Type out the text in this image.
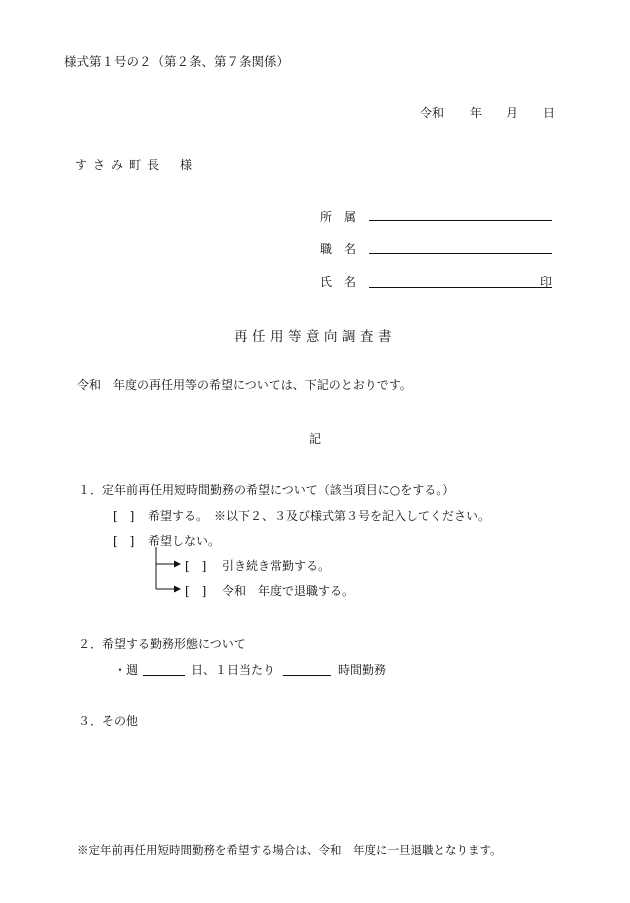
様式第１号の２（第２条、第７条関係）
令和 年 月 日
すさみ町長 様
所　属
職　名
氏　名	印
再任用等意向調査書
令和　年度の再任用等の希望については、下記のとおりです。
記
１．定年前再任用短時間勤務の希望について（該当項目に○をする。）
[　] 希望する。　※以下２、３及び様式第３号を記入してください。
[　] 希望しない。
[　] 引き続き常勤する。
[　] 令和　年度で退職する。
２．希望する勤務形態について
・週	日、１日当たり	時間勤務
３．その他
※定年前再任用短時間勤務を希望する場合は、令和　年度に一旦退職となります。
